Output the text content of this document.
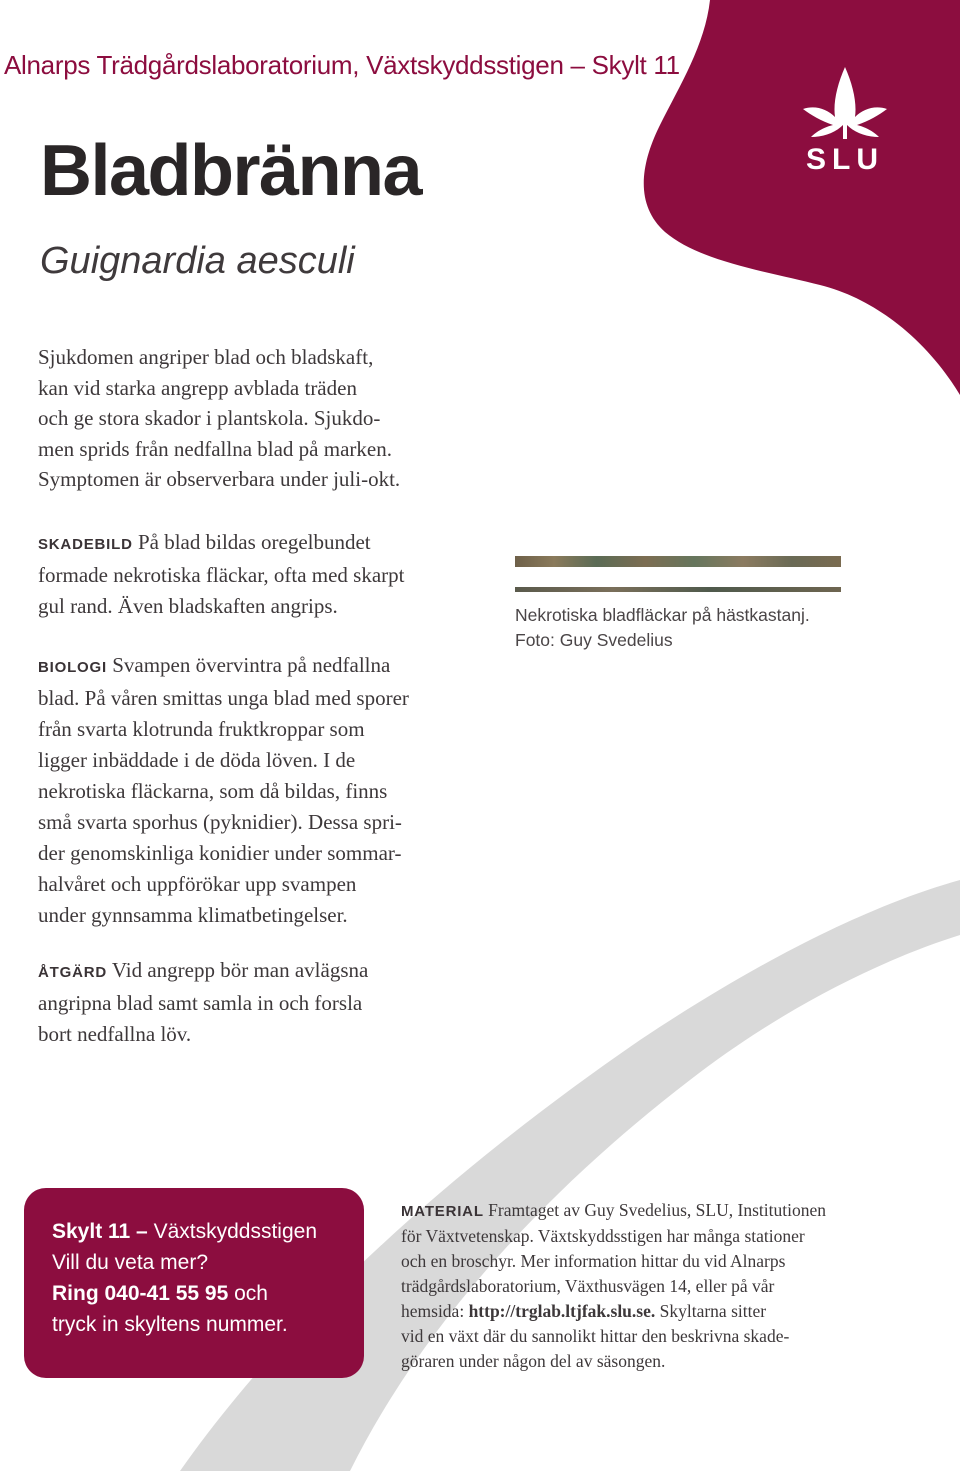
SLU
Alnarps Trädgårdslaboratorium, Växtskyddsstigen – Skylt 11
Bladbränna
Guignardia aesculi

Sjukdomen angriper blad och bladskaft,

kan vid starka angrepp avblada träden

och ge stora skador i plantskola. Sjukdo-

men sprids från nedfallna blad på marken.

Symptomen är observerbara under juli-okt.

SKADEBILD På blad bildas oregelbundet

formade nekrotiska fläckar, ofta med skarpt

gul rand. Även bladskaften angrips.

BIOLOGI Svampen övervintra på nedfallna

blad. På våren smittas unga blad med sporer

från svarta klotrunda fruktkroppar som

ligger inbäddade i de döda löven. I de

nekrotiska fläckarna, som då bildas, finns

små svarta sporhus (pyknidier). Dessa spri-

der genomskinliga konidier under sommar-

halvåret och uppförökar upp svampen

under gynnsamma klimatbetingelser.

ÅTGÄRD Vid angrepp bör man avlägsna

angripna blad samt samla in och forsla

bort nedfallna löv.

Nekrotiska bladfläckar på hästkastanj.

Foto: Guy Svedelius

Skylt 11 – Växtskyddsstigen

Vill du veta mer?

Ring 040-41 55 95 och

tryck in skyltens nummer.

MATERIAL Framtaget av Guy Svedelius, SLU, Institutionen

för Växtvetenskap. Växtskyddsstigen har många stationer

och en broschyr. Mer information hittar du vid Alnarps

trädgårdslaboratorium, Växthusvägen 14, eller på vår

hemsida: http://trglab.ltjfak.slu.se. Skyltarna sitter

vid en växt där du sannolikt hittar den beskrivna skade-

göraren under någon del av säsongen.
